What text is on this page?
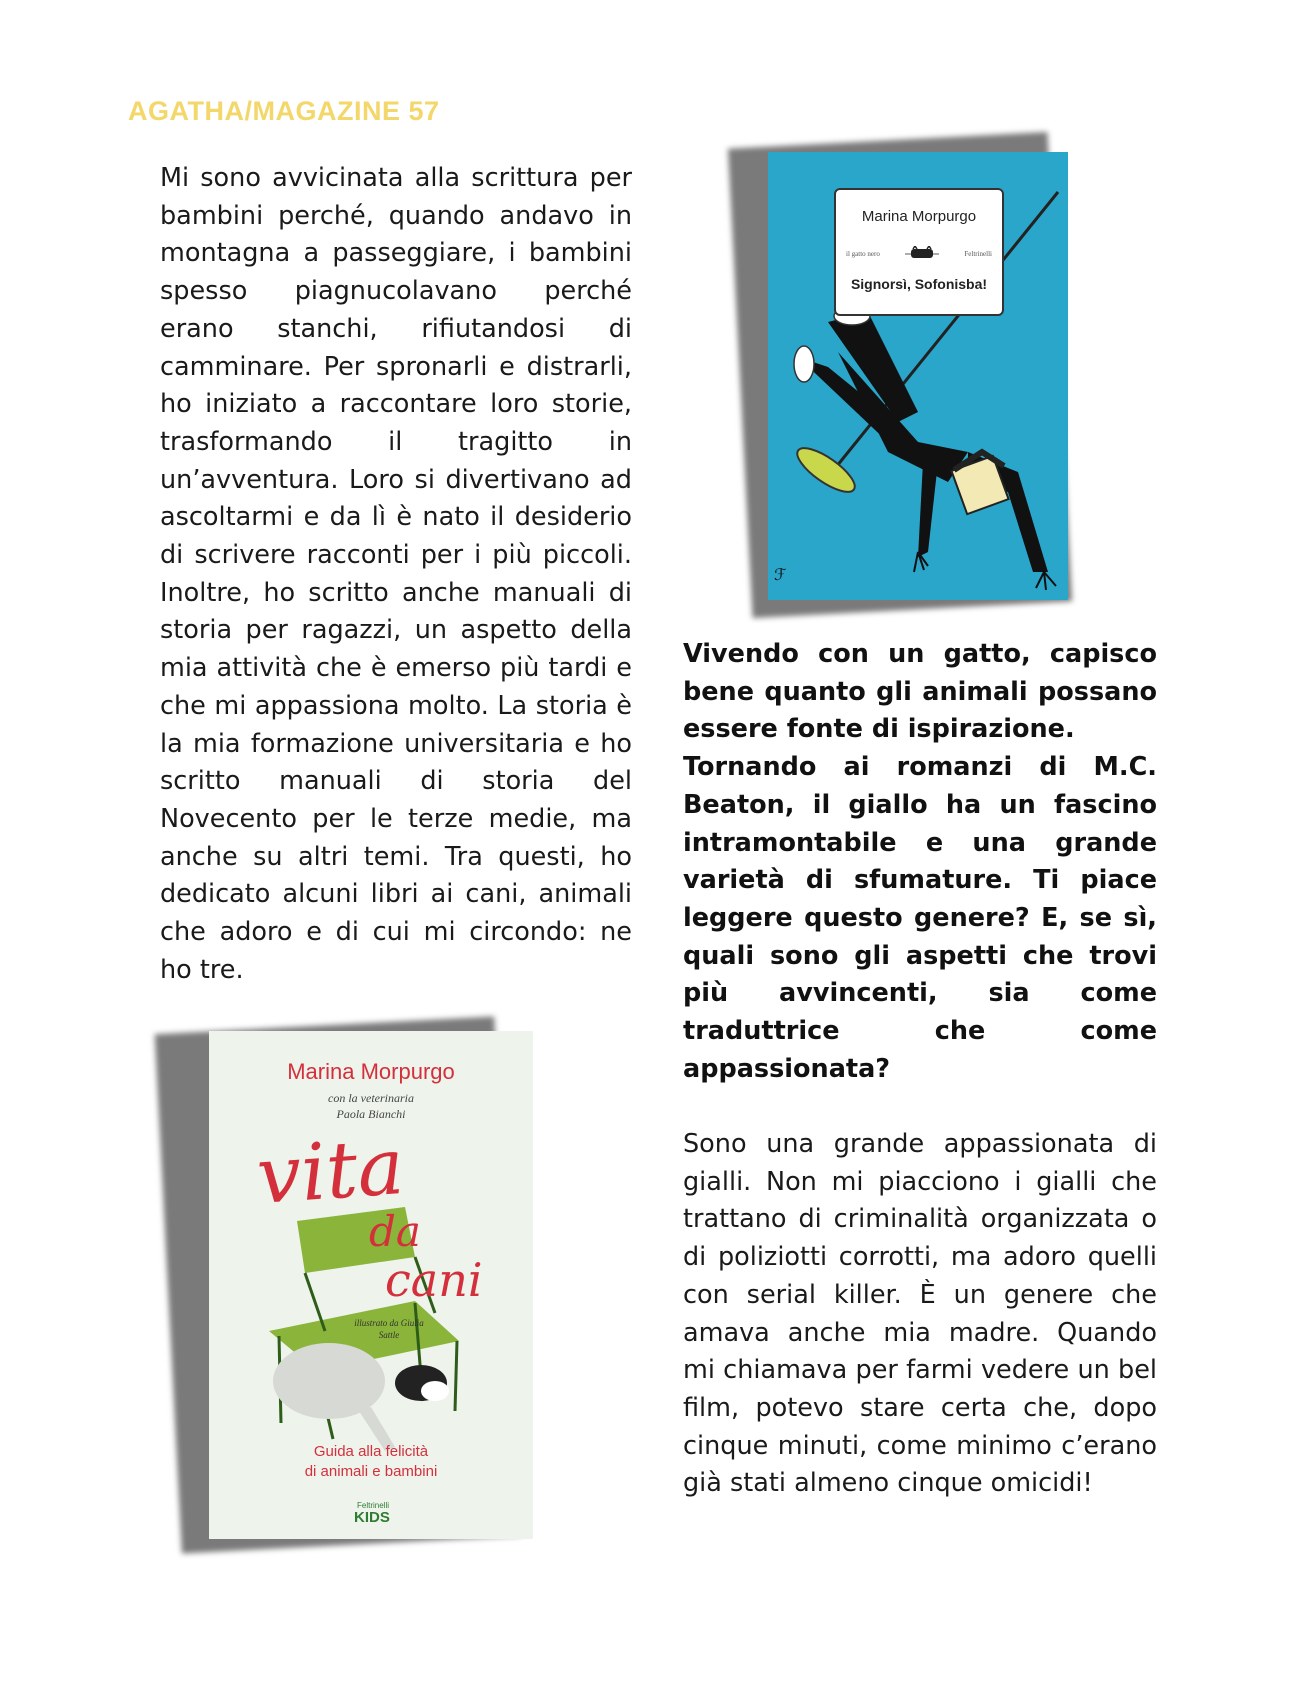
AGATHA/MAGAZINE 57

Mi sono avvicinata alla scrittura per bambini perché, quando andavo in montagna a passeggiare, i bambini spesso piagnucolavano perché erano stanchi, rifiutandosi di camminare. Per spronarli e distrarli, ho iniziato a raccontare loro storie, trasformando il tragitto in un’avventura. Loro si divertivano ad ascoltarmi e da lì è nato il desiderio di scrivere racconti per i più piccoli. Inoltre, ho scritto anche manuali di storia per ragazzi, un aspetto della mia attività che è emerso più tardi e che mi appassiona molto. La storia è la mia formazione universitaria e ho scritto manuali di storia del Novecento per le terze medie, ma anche su altri temi. Tra questi, ho dedicato alcuni libri ai cani, animali che adoro e di cui mi circondo: ne ho tre.

ℱ
Marina Morpurgo
il gatto nero	Feltrinelli
Signorsì, Sofonisba!

Vivendo con un gatto, capisco bene quanto gli animali possano essere fonte di ispirazione.

Tornando ai romanzi di M.C. Beaton, il giallo ha un fascino intramontabile e una grande varietà di sfumature. Ti piace leggere questo genere? E, se sì, quali sono gli aspetti che trovi più avvincenti, sia come traduttrice che come appassionata?

Marina Morpurgo
con la veterinaria
Paola Bianchi
vita
da
cani
illustrato da Giulia Sattle
Guida alla felicità
di animali e bambini
Feltrinelli
KIDS

Sono una grande appassionata di gialli. Non mi piacciono i gialli che trattano di criminalità organizzata o di poliziotti corrotti, ma adoro quelli con serial killer. È un genere che amava anche mia madre. Quando mi chiamava per farmi vedere un bel film, potevo stare certa che, dopo cinque minuti, come minimo c’erano già stati almeno cinque omicidi!
